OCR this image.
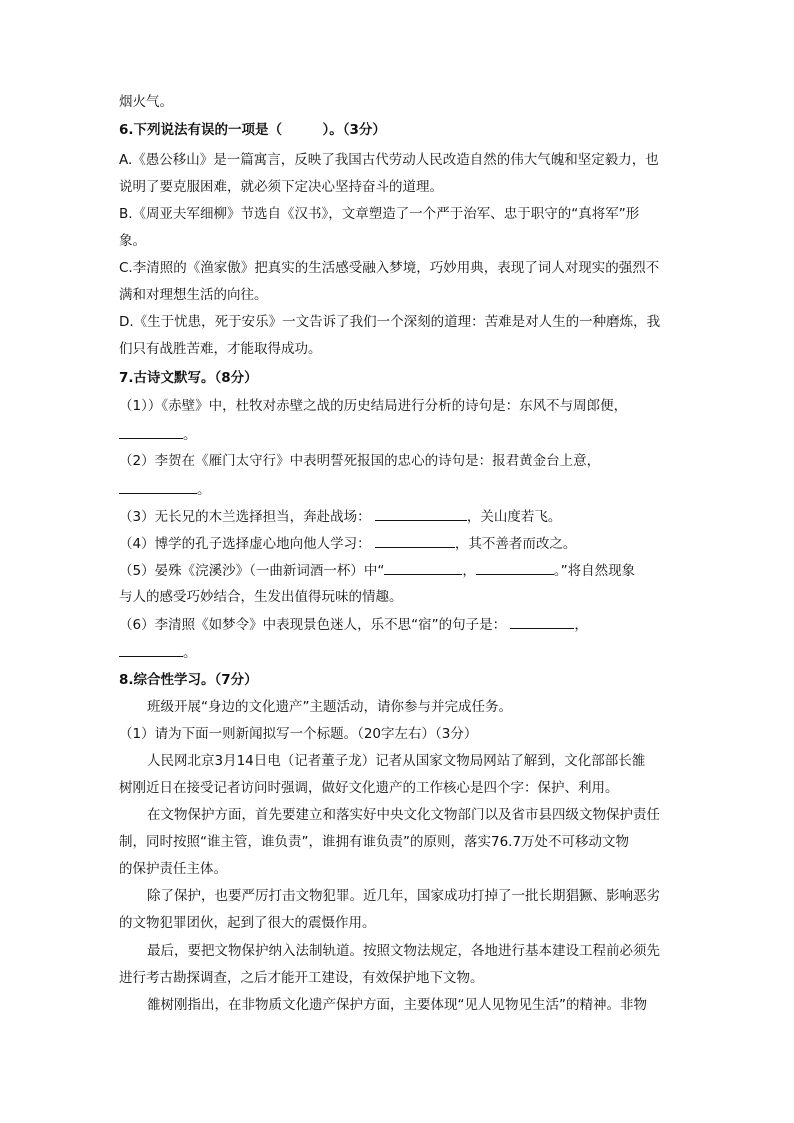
烟火气。
6.下列说法有误的一项是（　　　）。（3分）
A.《愚公移山》是一篇寓言，反映了我国古代劳动人民改造自然的伟大气魄和坚定毅力，也
说明了要克服困难，就必须下定决心坚持奋斗的道理。
B.《周亚夫军细柳》节选自《汉书》，文章塑造了一个严于治军、忠于职守的“真将军”形
象。
C.李清照的《渔家傲》把真实的生活感受融入梦境，巧妙用典，表现了词人对现实的强烈不
满和对理想生活的向往。
D.《生于忧患，死于安乐》一文告诉了我们一个深刻的道理：苦难是对人生的一种磨炼，我
们只有战胜苦难，才能取得成功。
7.古诗文默写。（8分）
（1））《赤壁》中，杜牧对赤壁之战的历史结局进行分析的诗句是：东风不与周郎便，
。
（2）李贺在《雁门太守行》中表明誓死报国的忠心的诗句是：报君黄金台上意，
。
（3）无长兄的木兰选择担当，奔赴战场：	，关山度若飞。
（4）博学的孔子选择虚心地向他人学习：	，其不善者而改之。
（5）晏殊《浣溪沙》（一曲新词酒一杯）中“	，	。”将自然现象
与人的感受巧妙结合，生发出值得玩味的情趣。
（6）李清照《如梦令》中表现景色迷人，乐不思“宿”的句子是：	，
。
8.综合性学习。（7分）
班级开展“身边的文化遗产”主题活动，请你参与并完成任务。
（1）请为下面一则新闻拟写一个标题。（20字左右）（3分）
人民网北京3月14日电（记者董子龙）记者从国家文物局网站了解到，文化部部长雒
树刚近日在接受记者访问时强调，做好文化遗产的工作核心是四个字：保护、利用。
在文物保护方面，首先要建立和落实好中央文化文物部门以及省市县四级文物保护责任
制，同时按照“谁主管，谁负责”，谁拥有谁负责”的原则，落实76.7万处不可移动文物
的保护责任主体。
除了保护，也要严厉打击文物犯罪。近几年，国家成功打掉了一批长期猖獗、影响恶劣
的文物犯罪团伙，起到了很大的震慑作用。
最后，要把文物保护纳入法制轨道。按照文物法规定，各地进行基本建设工程前必须先
进行考古勘探调查，之后才能开工建设，有效保护地下文物。
雒树刚指出，在非物质文化遗产保护方面，主要体现“见人见物见生活”的精神。非物
